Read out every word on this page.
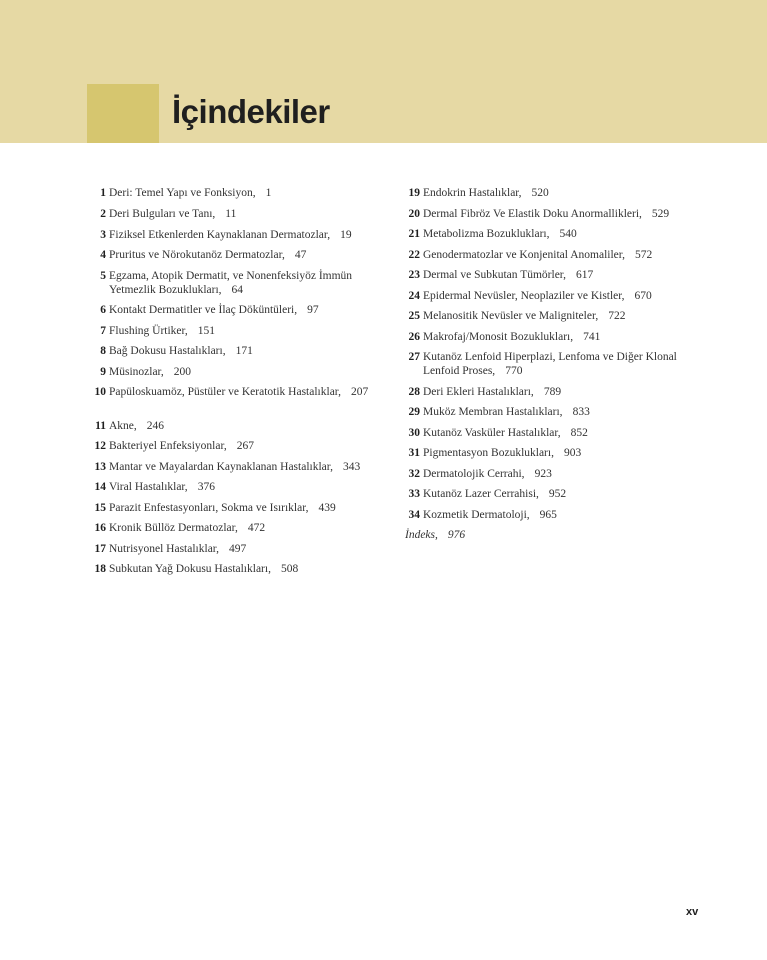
İçindekiler
1 Deri: Temel Yapı ve Fonksiyon, 1
2 Deri Bulguları ve Tanı, 11
3 Fiziksel Etkenlerden Kaynaklanan Dermatozlar, 19
4 Pruritus ve Nörokutanöz Dermatozlar, 47
5 Egzama, Atopik Dermatit, ve Nonenfeksiyöz İmmün Yetmezlik Bozuklukları, 64
6 Kontakt Dermatitler ve İlaç Döküntüleri, 97
7 Flushing Ürtiker, 151
8 Bağ Dokusu Hastalıkları, 171
9 Müsinozlar, 200
10 Papüloskuamöz, Püstüler ve Keratotik Hastalıklar, 207
11 Akne, 246
12 Bakteriyel Enfeksiyonlar, 267
13 Mantar ve Mayalardan Kaynaklanan Hastalıklar, 343
14 Viral Hastalıklar, 376
15 Parazit Enfestasyonları, Sokma ve Isırıklar, 439
16 Kronik Büllöz Dermatozlar, 472
17 Nutrisyonel Hastalıklar, 497
18 Subkutan Yağ Dokusu Hastalıkları, 508
19 Endokrin Hastalıklar, 520
20 Dermal Fibröz Ve Elastik Doku Anormallikleri, 529
21 Metabolizma Bozuklukları, 540
22 Genodermatozlar ve Konjenital Anomaliler, 572
23 Dermal ve Subkutan Tümörler, 617
24 Epidermal Nevüsler, Neoplaziler ve Kistler, 670
25 Melanositik Nevüsler ve Maligniteler, 722
26 Makrofaj/Monosit Bozuklukları, 741
27 Kutanöz Lenfoid Hiperplazi, Lenfoma ve Diğer Klonal Lenfoid Proses, 770
28 Deri Ekleri Hastalıkları, 789
29 Muköz Membran Hastalıkları, 833
30 Kutanöz Vasküler Hastalıklar, 852
31 Pigmentasyon Bozuklukları, 903
32 Dermatolojik Cerrahi, 923
33 Kutanöz Lazer Cerrahisi, 952
34 Kozmetik Dermatoloji, 965
İndeks, 976
xv
